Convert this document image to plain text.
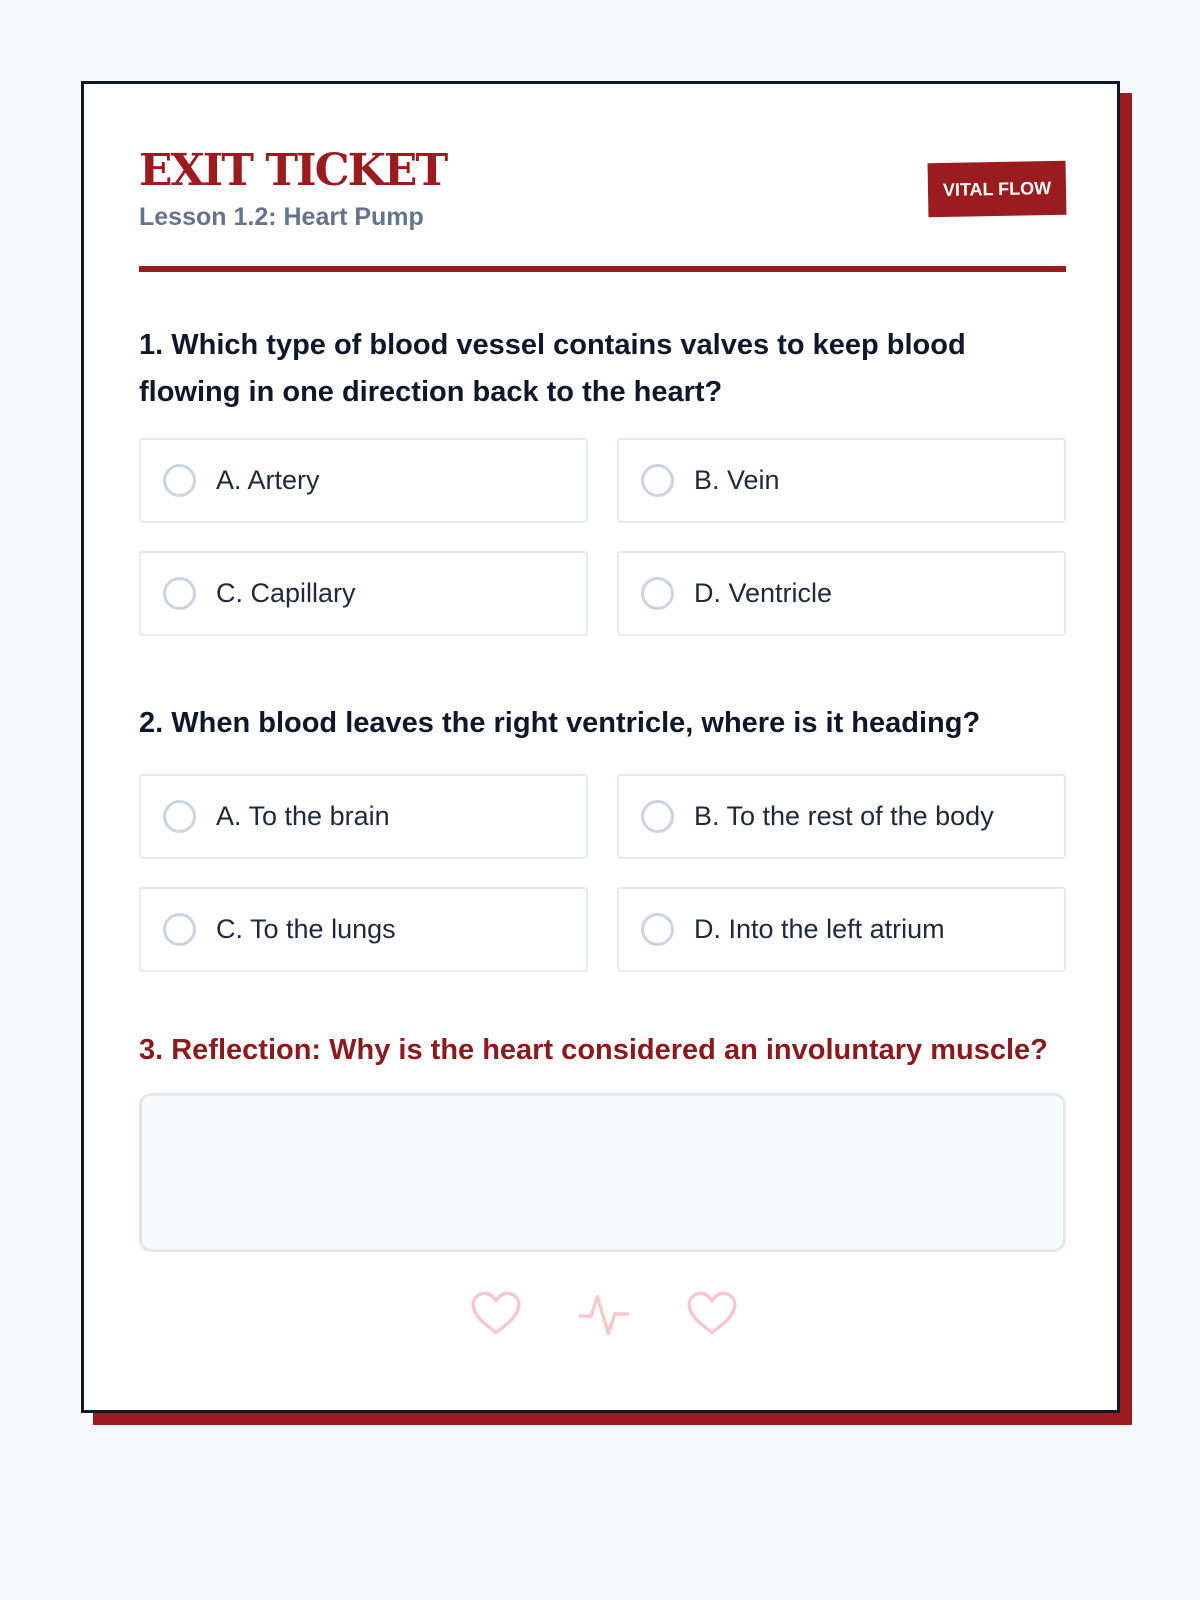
EXIT TICKET
Lesson 1.2: Heart Pump
VITAL FLOW
1. Which type of blood vessel contains valves to keep blood flowing in one direction back to the heart?
A. Artery	B. Vein
C. Capillary	D. Ventricle
2. When blood leaves the right ventricle, where is it heading?
A. To the brain	B. To the rest of the body
C. To the lungs	D. Into the left atrium
3. Reflection: Why is the heart considered an involuntary muscle?
